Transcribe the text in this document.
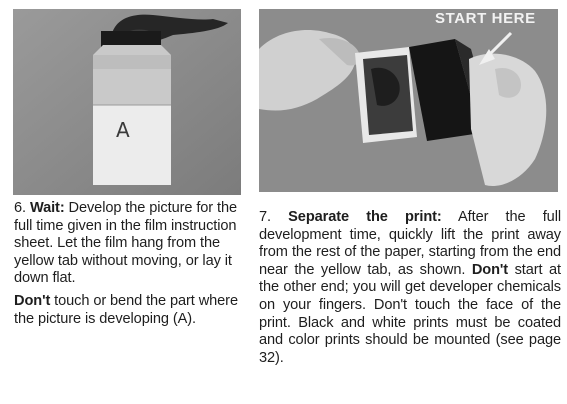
A
START HERE

6. Wait: Develop the picture for the full time given in the film instruction sheet. Let the film hang from the yellow tab without moving, or lay it down flat.

Don't touch or bend the part where the picture is developing (A).

7. Separate the print: After the full development time, quickly lift the print away from the rest of the paper, starting from the end near the yellow tab, as shown. Don't start at the other end; you will get developer chemicals on your fingers. Don't touch the face of the print. Black and white prints must be coated and color prints should be mounted (see page 32).
